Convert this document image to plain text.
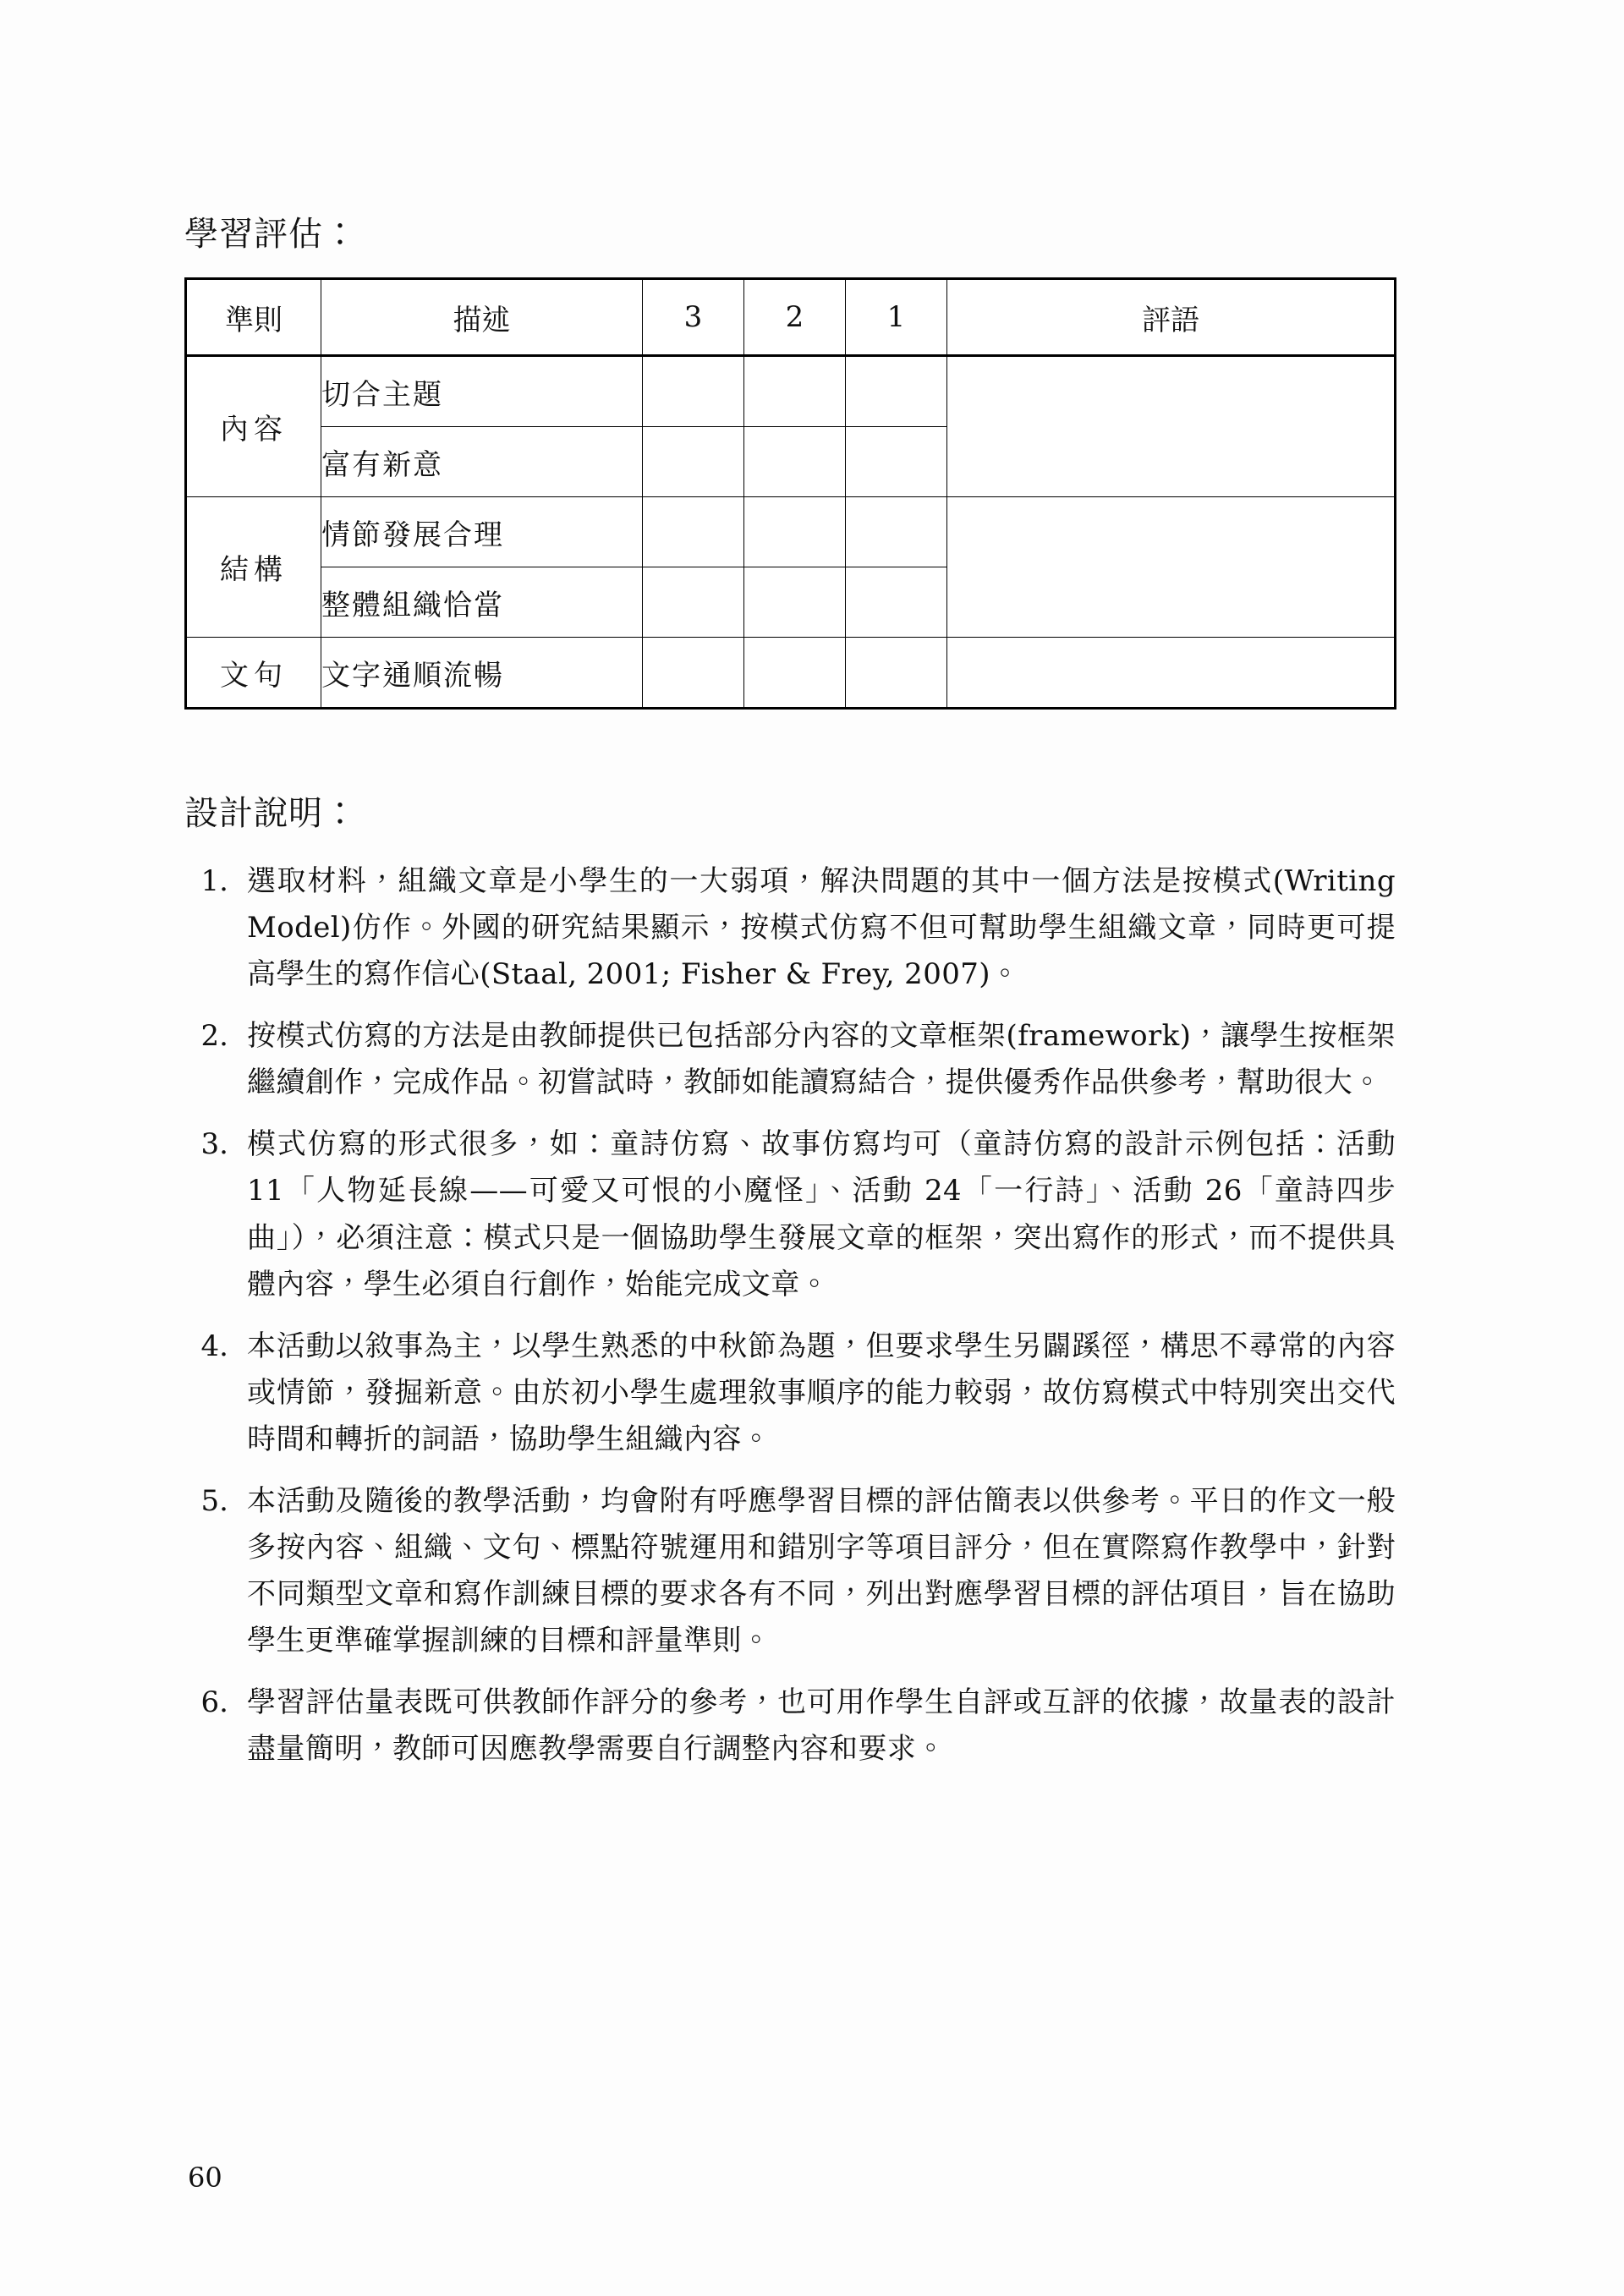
學習評估：
準則	描述	3	2	1	評語
內容	切合主題				
	富有新意				
結構	情節發展合理				
	整體組織恰當				
文句	文字通順流暢				
設計說明：
1. 選取材料，組織文章是小學生的一大弱項，解決問題的其中一個方法是按模式(Writing Model)仿作。外國的研究結果顯示，按模式仿寫不但可幫助學生組織文章，同時更可提高學生的寫作信心(Staal, 2001; Fisher & Frey, 2007)。
2. 按模式仿寫的方法是由教師提供已包括部分內容的文章框架(framework)，讓學生按框架繼續創作，完成作品。初嘗試時，教師如能讀寫結合，提供優秀作品供參考，幫助很大。
3. 模式仿寫的形式很多，如：童詩仿寫、故事仿寫均可（童詩仿寫的設計示例包括：活動 11「人物延長線——可愛又可恨的小魔怪」、活動 24「一行詩」、活動 26「童詩四步曲」），必須注意：模式只是一個協助學生發展文章的框架，突出寫作的形式，而不提供具體內容，學生必須自行創作，始能完成文章。
4. 本活動以敘事為主，以學生熟悉的中秋節為題，但要求學生另闢蹊徑，構思不尋常的內容或情節，發掘新意。由於初小學生處理敘事順序的能力較弱，故仿寫模式中特別突出交代時間和轉折的詞語，協助學生組織內容。
5. 本活動及隨後的教學活動，均會附有呼應學習目標的評估簡表以供參考。平日的作文一般多按內容、組織、文句、標點符號運用和錯別字等項目評分，但在實際寫作教學中，針對不同類型文章和寫作訓練目標的要求各有不同，列出對應學習目標的評估項目，旨在協助學生更準確掌握訓練的目標和評量準則。
6. 學習評估量表既可供教師作評分的參考，也可用作學生自評或互評的依據，故量表的設計盡量簡明，教師可因應教學需要自行調整內容和要求。
60
